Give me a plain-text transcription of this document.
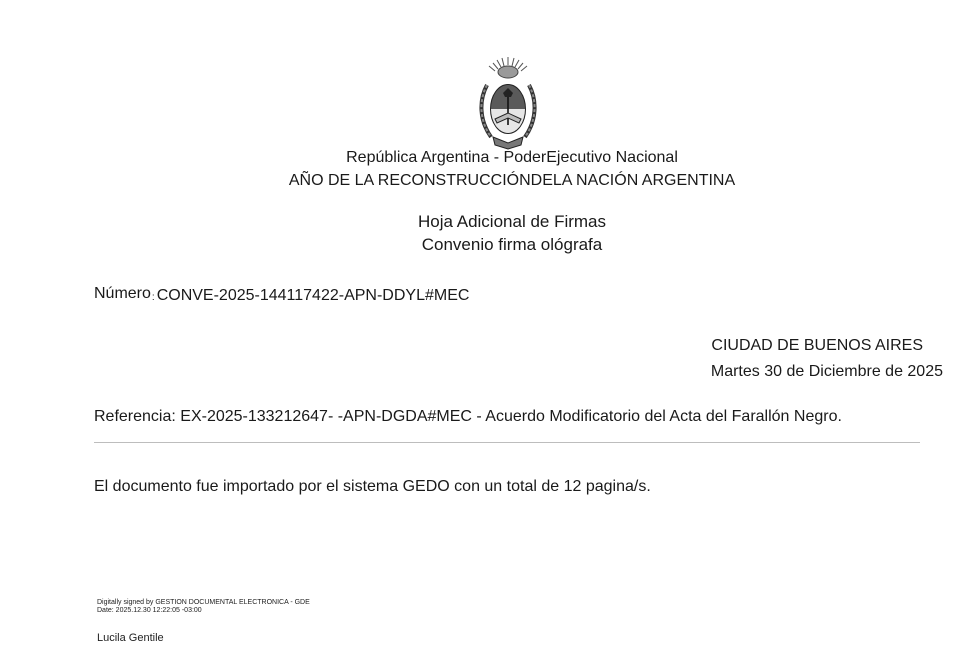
República Argentina - PoderEjecutivo Nacional
AÑO DE LA RECONSTRUCCIÓNDELA NACIÓN ARGENTINA
Hoja Adicional de Firmas
Convenio firma ológrafa
Número: CONVE-2025-144117422-APN-DDYL#MEC
CIUDAD DE BUENOS AIRES
Martes 30 de Diciembre de 2025
Referencia: EX-2025-133212647- -APN-DGDA#MEC - Acuerdo Modificatorio del Acta del Farallón Negro.
El documento fue importado por el sistema GEDO con un total de 12 pagina/s.
Digitally signed by GESTION DOCUMENTAL ELECTRONICA - GDE
Date: 2025.12.30 12:22:05 -03:00
Lucila Gentile
